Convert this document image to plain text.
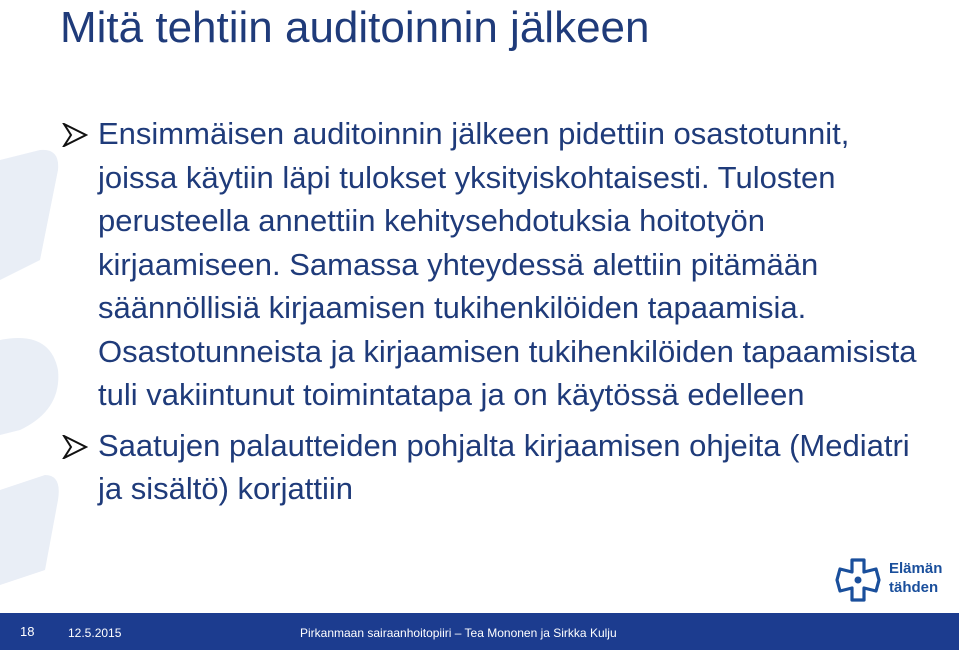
Mitä tehtiin auditoinnin jälkeen
Ensimmäisen auditoinnin jälkeen pidettiin osastotunnit, joissa käytiin läpi tulokset yksityiskohtaisesti. Tulosten perusteella annettiin kehitysehdotuksia hoitotyön kirjaamiseen. Samassa yhteydessä alettiin pitämään säännöllisiä kirjaamisen tukihenkilöiden tapaamisia. Osastotunneista ja kirjaamisen tukihenkilöiden tapaamisista tuli vakiintunut toimintatapa ja on käytössä edelleen
Saatujen palautteiden pohjalta kirjaamisen ohjeita (Mediatri ja sisältö) korjattiin
Elämän
tähden
18	12.5.2015	Pirkanmaan sairaanhoitopiiri – Tea Mononen ja Sirkka Kulju
